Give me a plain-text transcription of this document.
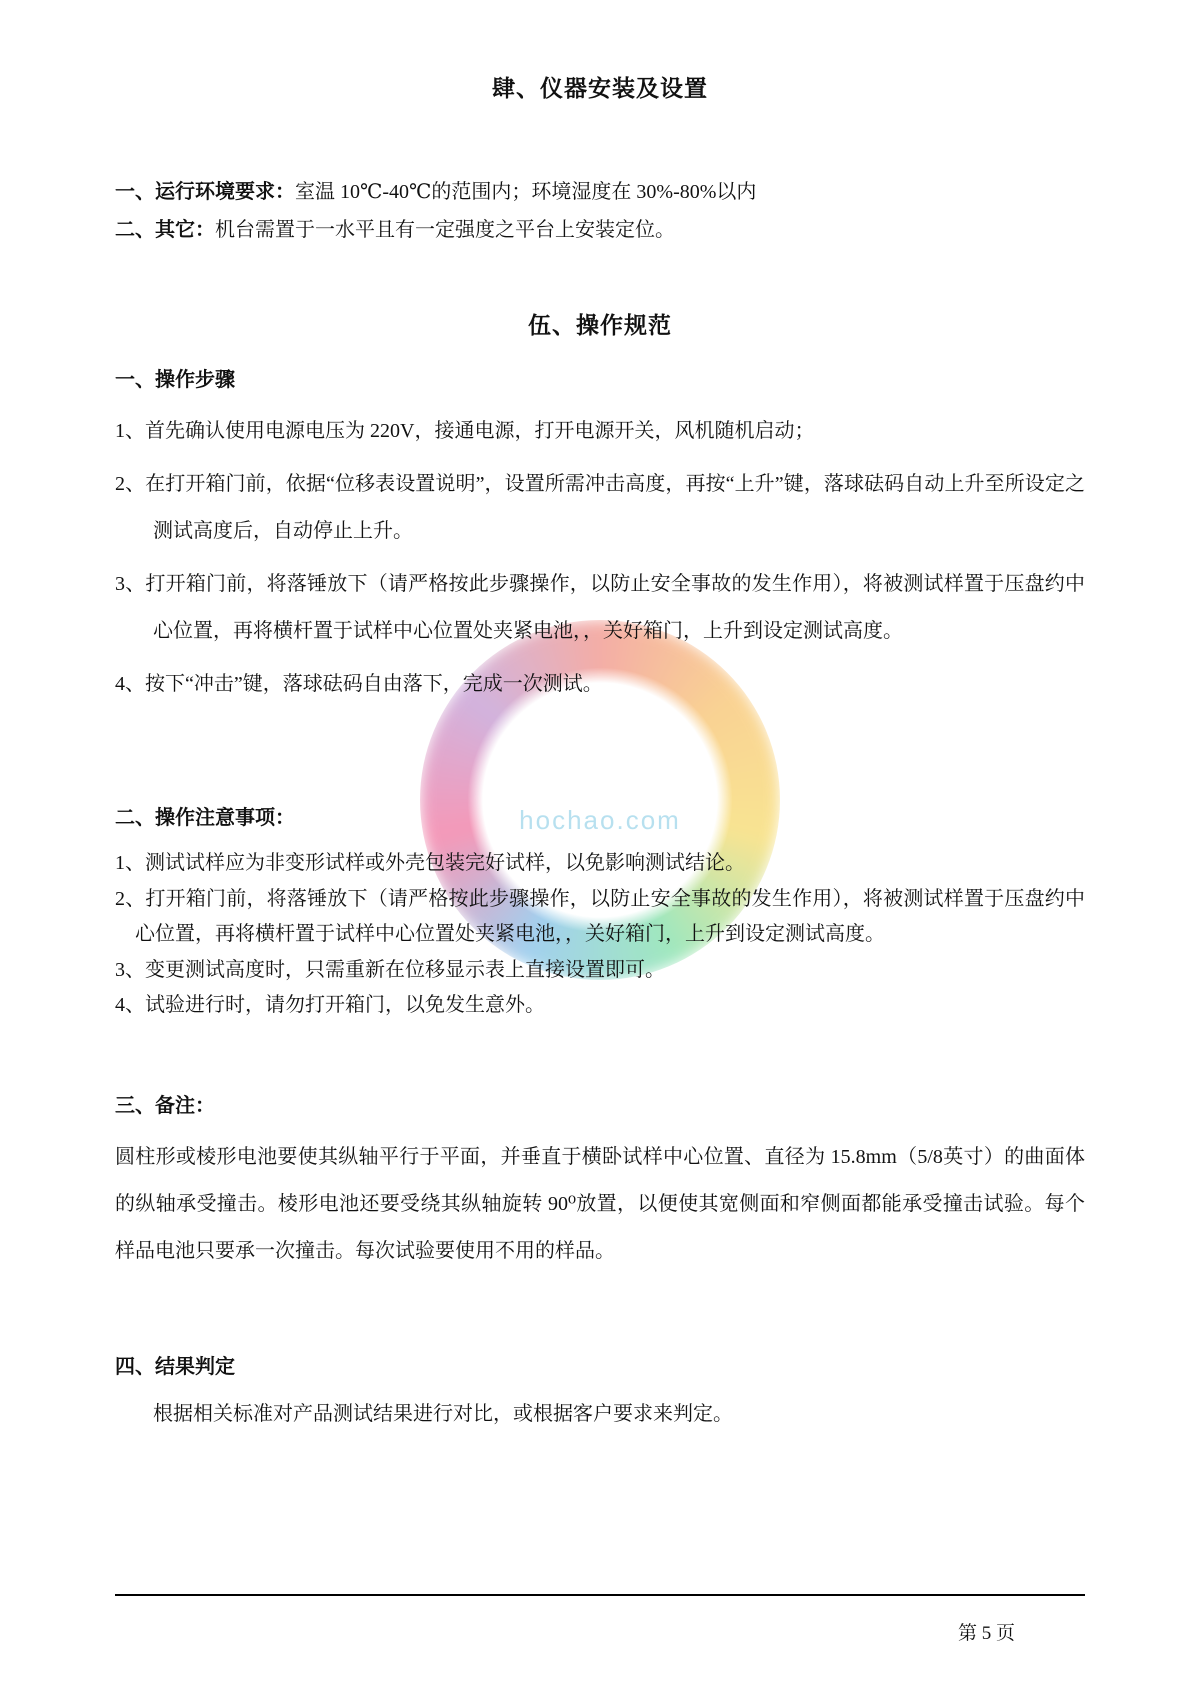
hochao.com
肆、仪器安装及设置

一、运行环境要求：室温 10℃-40℃的范围内；环境湿度在 30%-80%以内

二、其它：机台需置于一水平且有一定强度之平台上安装定位。

伍、操作规范
一、操作步骤

1、首先确认使用电源电压为 220V，接通电源，打开电源开关，风机随机启动；

2、在打开箱门前，依据“位移表设置说明”，设置所需冲击高度，再按“上升”键，落球砝码自动上升至所设定之测试高度后，自动停止上升。

3、打开箱门前，将落锤放下（请严格按此步骤操作，以防止安全事故的发生作用），将被测试样置于压盘约中心位置，再将横杆置于试样中心位置处夹紧电池，，关好箱门，上升到设定测试高度。

4、按下“冲击”键，落球砝码自由落下，完成一次测试。

二、操作注意事项：

1、测试试样应为非变形试样或外壳包装完好试样，以免影响测试结论。

2、打开箱门前，将落锤放下（请严格按此步骤操作，以防止安全事故的发生作用），将被测试样置于压盘约中心位置，再将横杆置于试样中心位置处夹紧电池，，关好箱门，上升到设定测试高度。

3、变更测试高度时，只需重新在位移显示表上直接设置即可。

4、试验进行时，请勿打开箱门，以免发生意外。

三、备注：

圆柱形或棱形电池要使其纵轴平行于平面，并垂直于横卧试样中心位置、直径为 15.8mm（5/8英寸）的曲面体的纵轴承受撞击。棱形电池还要受绕其纵轴旋转 90⁰放置，以便使其宽侧面和窄侧面都能承受撞击试验。每个样品电池只要承一次撞击。每次试验要使用不用的样品。

四、结果判定

根据相关标准对产品测试结果进行对比，或根据客户要求来判定。

第 5 页
